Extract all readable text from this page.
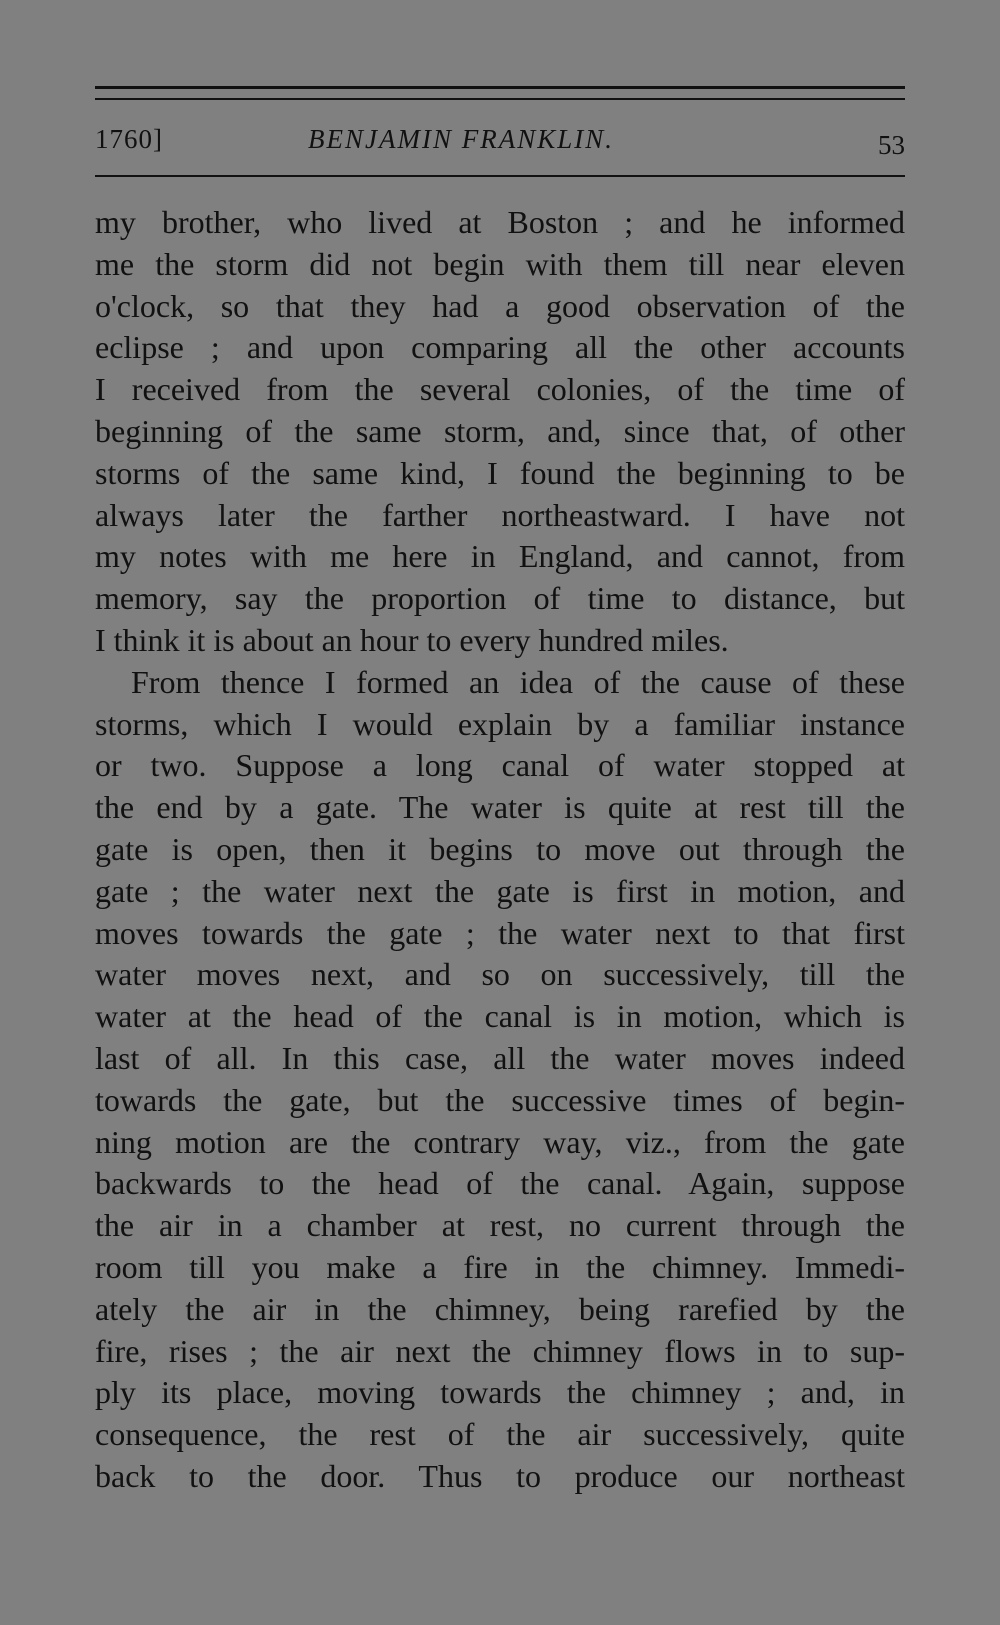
1760]	BENJAMIN FRANKLIN.	53
my brother, who lived at Boston ; and he informed
me the storm did not begin with them till near eleven
o'clock, so that they had a good observation of the
eclipse ; and upon comparing all the other accounts
I received from the several colonies, of the time of
beginning of the same storm, and, since that, of other
storms of the same kind, I found the beginning to be
always later the farther northeastward. I have not
my notes with me here in England, and cannot, from
memory, say the proportion of time to distance, but
I think it is about an hour to every hundred miles.
From thence I formed an idea of the cause of these
storms, which I would explain by a familiar instance
or two. Suppose a long canal of water stopped at
the end by a gate. The water is quite at rest till the
gate is open, then it begins to move out through the
gate ; the water next the gate is first in motion, and
moves towards the gate ; the water next to that first
water moves next, and so on successively, till the
water at the head of the canal is in motion, which is
last of all. In this case, all the water moves indeed
towards the gate, but the successive times of begin-
ning motion are the contrary way, viz., from the gate
backwards to the head of the canal. Again, suppose
the air in a chamber at rest, no current through the
room till you make a fire in the chimney. Immedi-
ately the air in the chimney, being rarefied by the
fire, rises ; the air next the chimney flows in to sup-
ply its place, moving towards the chimney ; and, in
consequence, the rest of the air successively, quite
back to the door. Thus to produce our northeast
